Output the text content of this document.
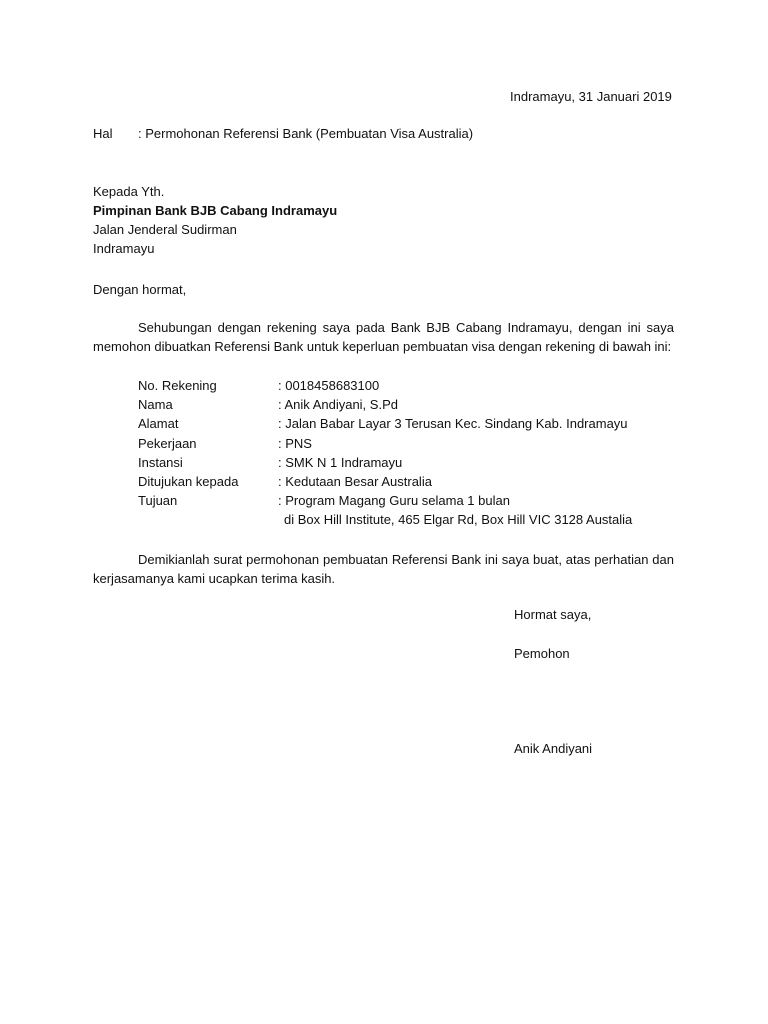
Indramayu, 31 Januari 2019
Hal : Permohonan Referensi Bank (Pembuatan Visa Australia)
Kepada Yth.
Pimpinan Bank BJB Cabang Indramayu
Jalan Jenderal Sudirman
Indramayu
Dengan hormat,
Sehubungan dengan rekening saya pada Bank BJB Cabang Indramayu, dengan ini saya memohon dibuatkan Referensi Bank untuk keperluan pembuatan visa dengan rekening di bawah ini:
No. Rekening	: 0018458683100
Nama	: Anik Andiyani, S.Pd
Alamat	: Jalan Babar Layar 3 Terusan Kec. Sindang Kab. Indramayu
Pekerjaan	: PNS
Instansi	: SMK N 1 Indramayu
Ditujukan kepada	: Kedutaan Besar Australia
Tujuan	: Program Magang Guru selama 1 bulan
di Box Hill Institute, 465 Elgar Rd, Box Hill VIC 3128 Austalia
Demikianlah surat permohonan pembuatan Referensi Bank ini saya buat, atas perhatian dan kerjasamanya kami ucapkan terima kasih.
Hormat saya,
Pemohon
Anik Andiyani
